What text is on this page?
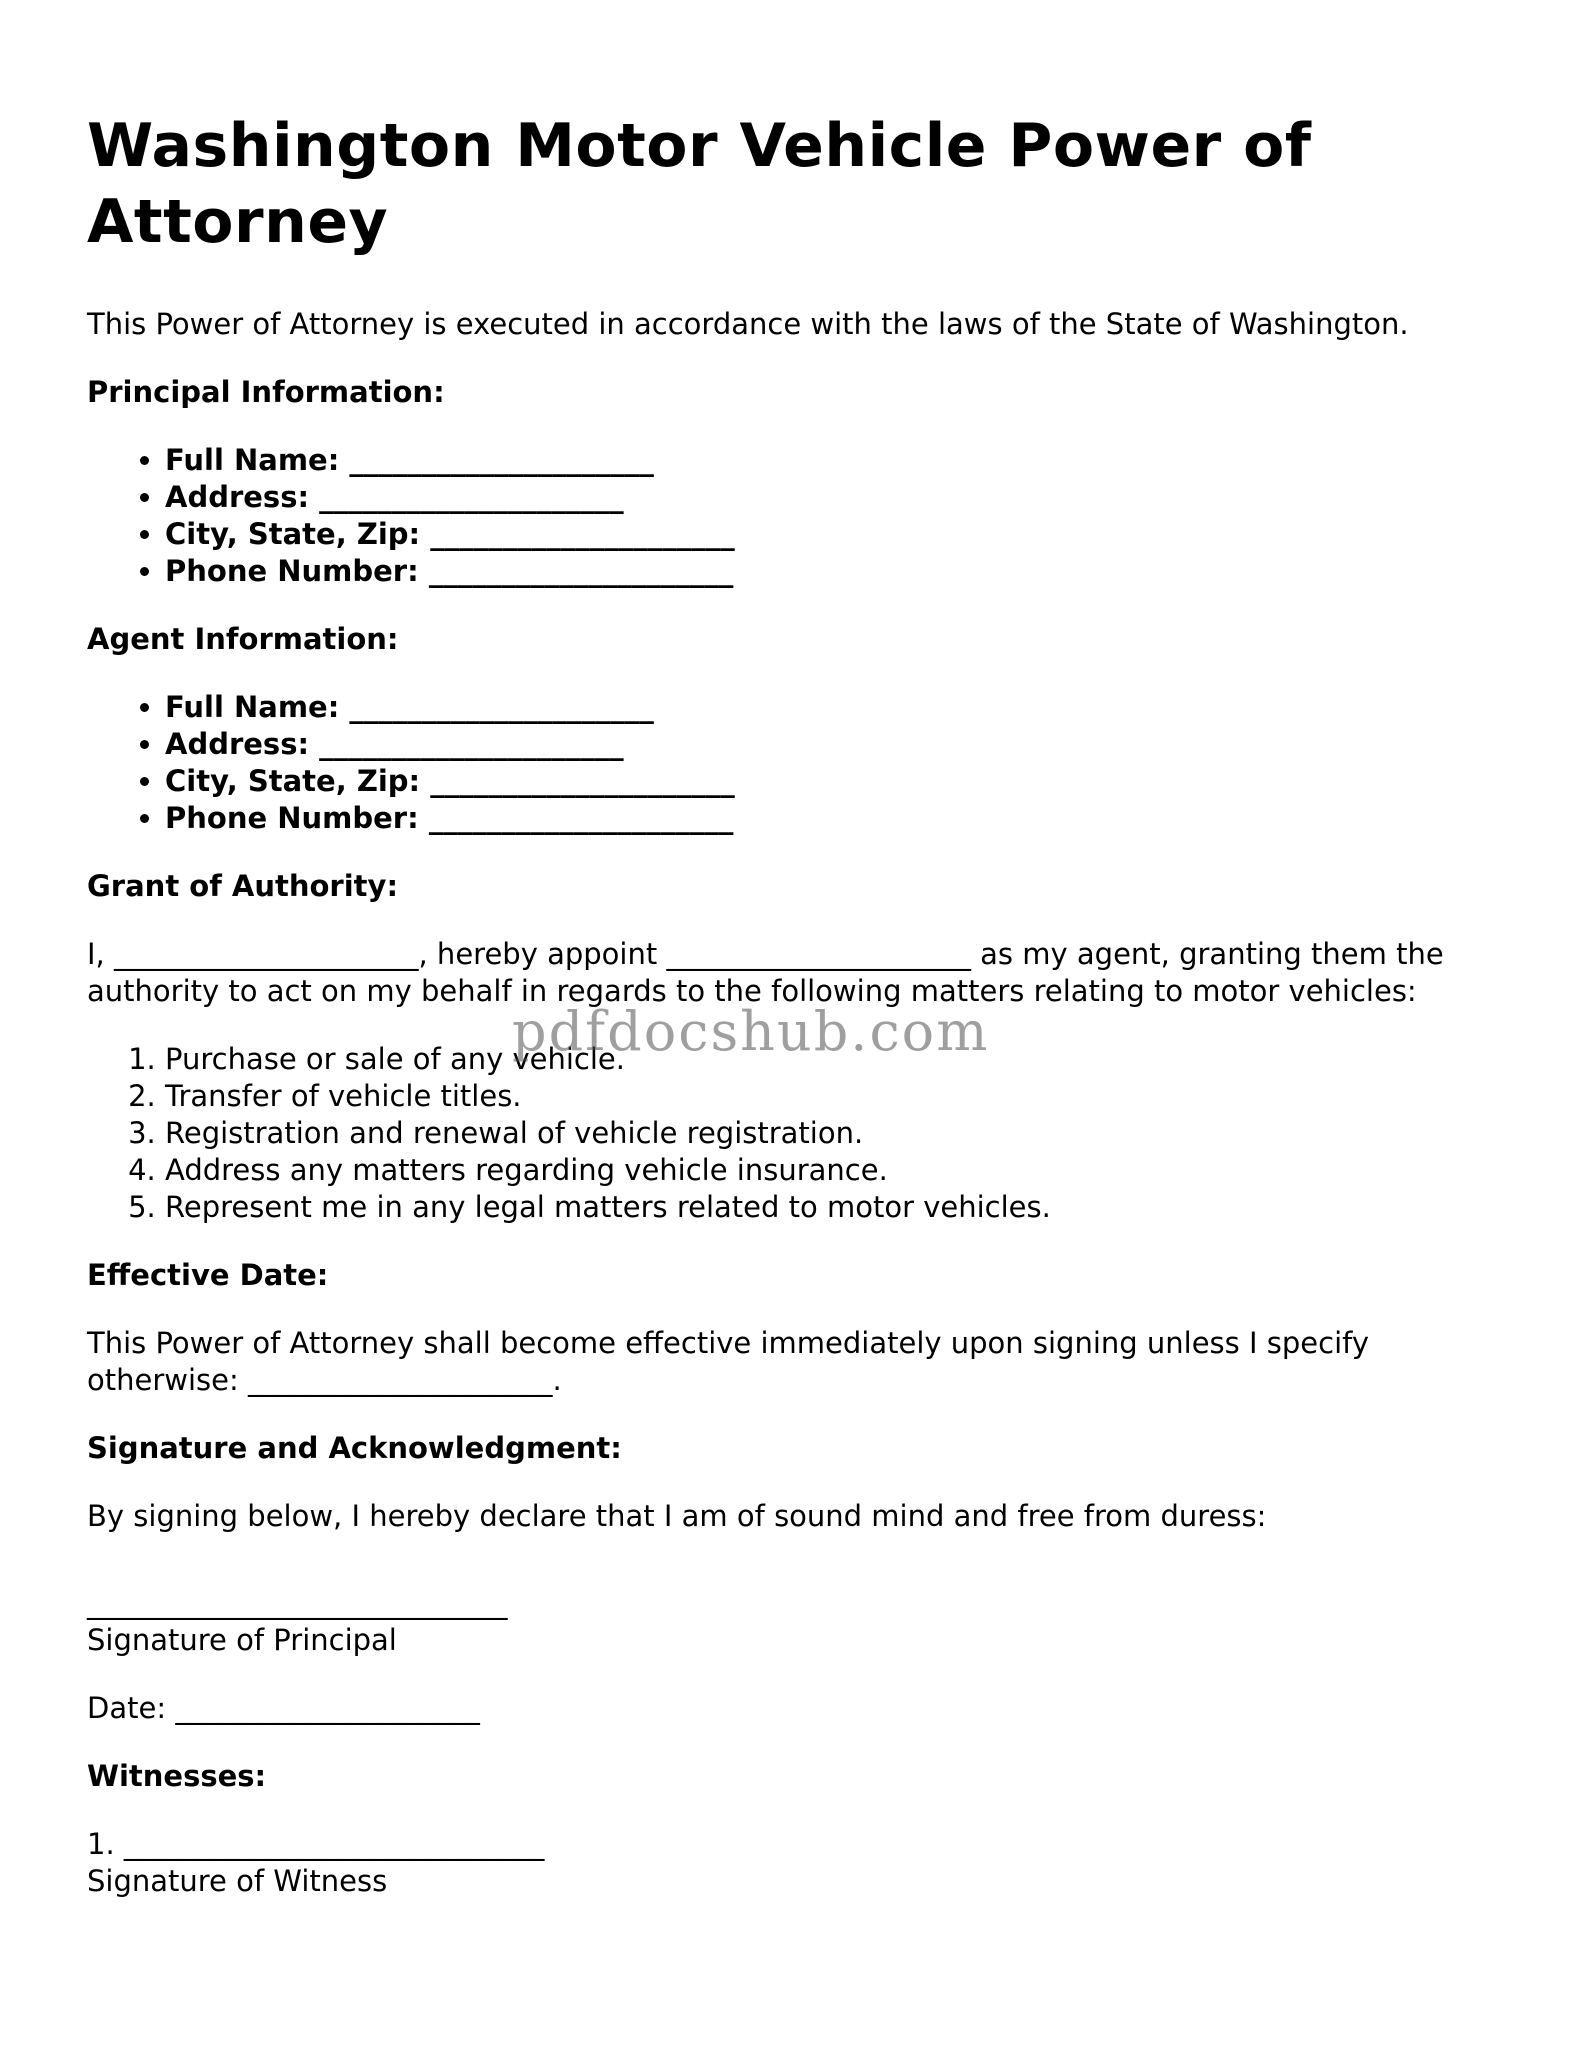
Washington Motor Vehicle Power of Attorney

This Power of Attorney is executed in accordance with the laws of the State of Washington.

Principal Information:

• Full Name: _____________________
• Address: _____________________
• City, State, Zip: _____________________
• Phone Number: _____________________

Agent Information:

• Full Name: _____________________
• Address: _____________________
• City, State, Zip: _____________________
• Phone Number: _____________________

Grant of Authority:

I, _____________________, hereby appoint _____________________ as my agent, granting them the authority to act on my behalf in regards to the following matters relating to motor vehicles:

1. Purchase or sale of any vehicle.
2. Transfer of vehicle titles.
3. Registration and renewal of vehicle registration.
4. Address any matters regarding vehicle insurance.
5. Represent me in any legal matters related to motor vehicles.

Effective Date:

This Power of Attorney shall become effective immediately upon signing unless I specify otherwise: _____________________.

Signature and Acknowledgment:

By signing below, I hereby declare that I am of sound mind and free from duress:

_____________________________
Signature of Principal

Date: _____________________

Witnesses:

1. _____________________________
Signature of Witness

pdfdocshub.com
